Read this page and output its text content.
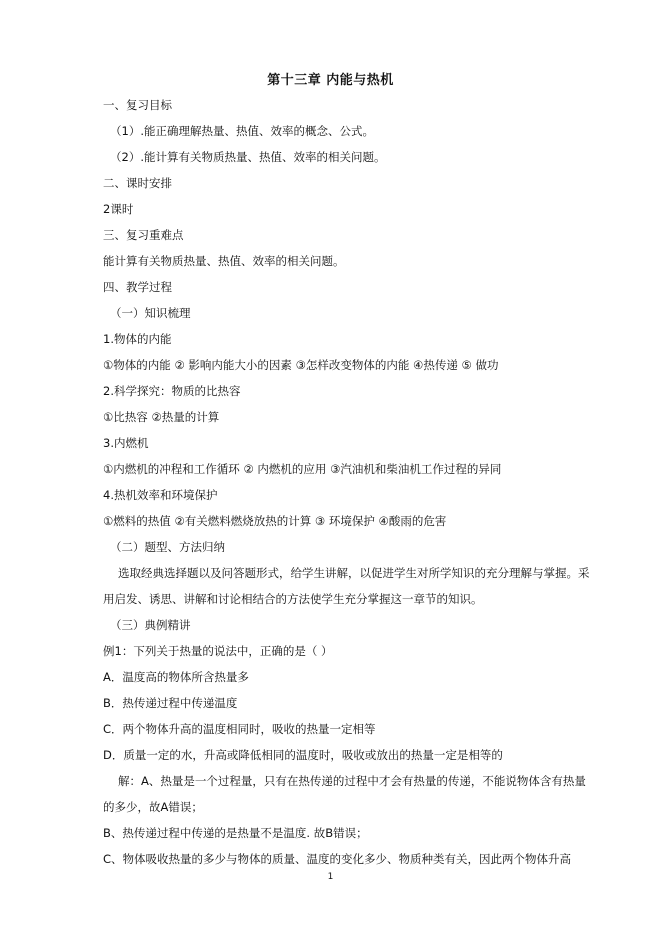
第十三章 内能与热机
一、复习目标
（1）.能正确理解热量、热值、效率的概念、公式。
（2）.能计算有关物质热量、热值、效率的相关问题。
二、课时安排
2课时
三、复习重难点
能计算有关物质热量、热值、效率的相关问题。
四、教学过程
（一）知识梳理
1.物体的内能
①物体的内能 ② 影响内能大小的因素 ③怎样改变物体的内能 ④热传递 ⑤ 做功
2.科学探究：物质的比热容
①比热容 ②热量的计算
3.内燃机
①内燃机的冲程和工作循环 ② 内燃机的应用 ③汽油机和柴油机工作过程的异同
4.热机效率和环境保护
①燃料的热值 ②有关燃料燃烧放热的计算 ③ 环境保护 ④酸雨的危害
（二）题型、方法归纳
选取经典选择题以及问答题形式，给学生讲解，以促进学生对所学知识的充分理解与掌握。采
用启发、诱思、讲解和讨论相结合的方法使学生充分掌握这一章节的知识。
（三）典例精讲
例1：下列关于热量的说法中，正确的是（ ）
A．温度高的物体所含热量多
B．热传递过程中传递温度
C．两个物体升高的温度相同时，吸收的热量一定相等
D．质量一定的水，升高或降低相同的温度时，吸收或放出的热量一定是相等的
解：A、热量是一个过程量，只有在热传递的过程中才会有热量的传递，不能说物体含有热量
的多少，故A错误；
B、热传递过程中传递的是热量不是温度. 故B错误；
C、物体吸收热量的多少与物体的质量、温度的变化多少、物质种类有关，因此两个物体升高
1
